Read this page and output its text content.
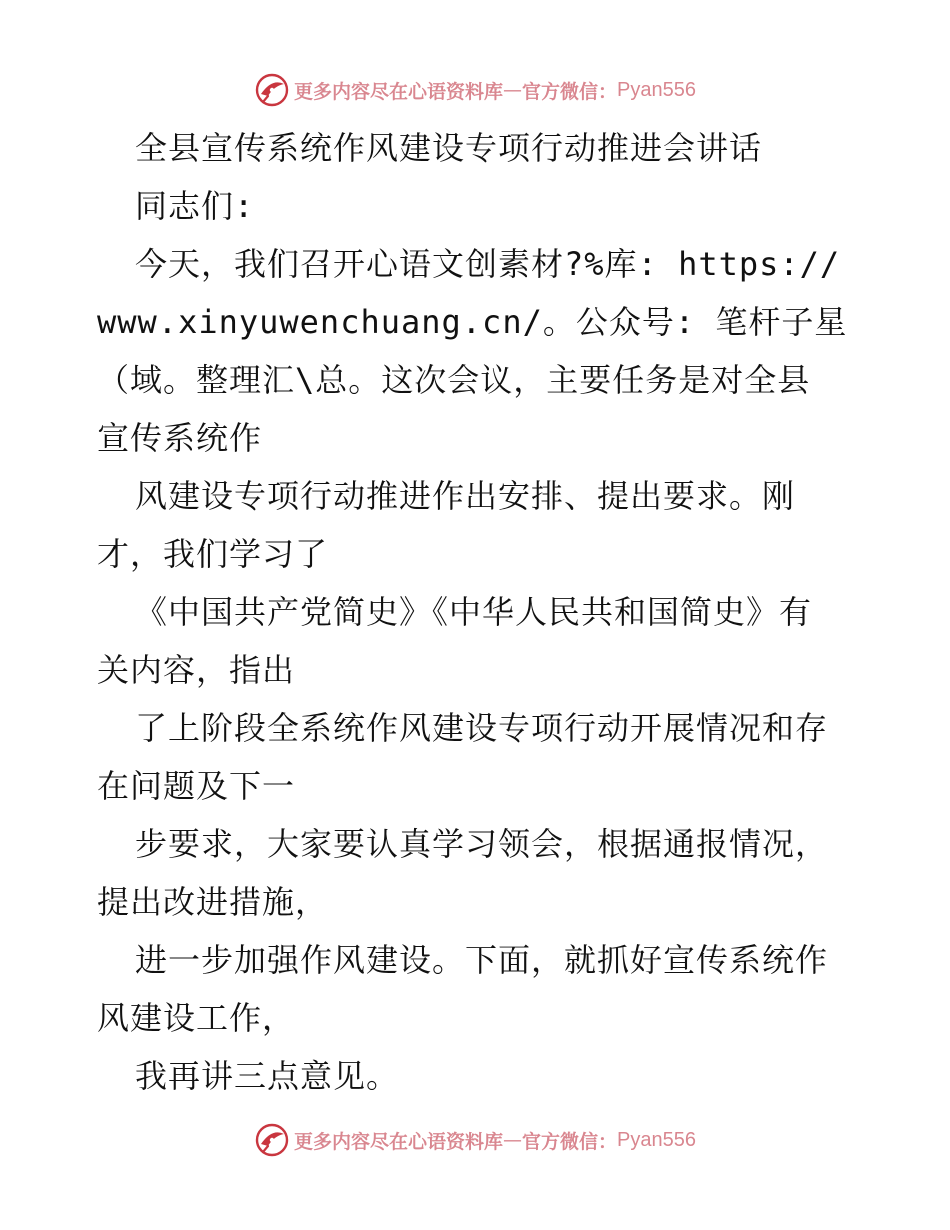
更多内容尽在心语资料库 — 官方微信： Pyan556
全县宣传系统作风建设专项行动推进会讲话
同志们:
今天，我们召开心语文创素材?%库: https://
www.xinyuwenchuang.cn/。公众号: 笔杆子星
（域。整理汇\总。这次会议，主要任务是对全县
宣传系统作
风建设专项行动推进作出安排、提出要求。刚
才，我们学习了
《中国共产党简史》《中华人民共和国简史》有
关内容，指出
了上阶段全系统作风建设专项行动开展情况和存
在问题及下一
步要求，大家要认真学习领会，根据通报情况，
提出改进措施，
进一步加强作风建设。下面，就抓好宣传系统作
风建设工作，
我再讲三点意见。
更多内容尽在心语资料库 — 官方微信： Pyan556
